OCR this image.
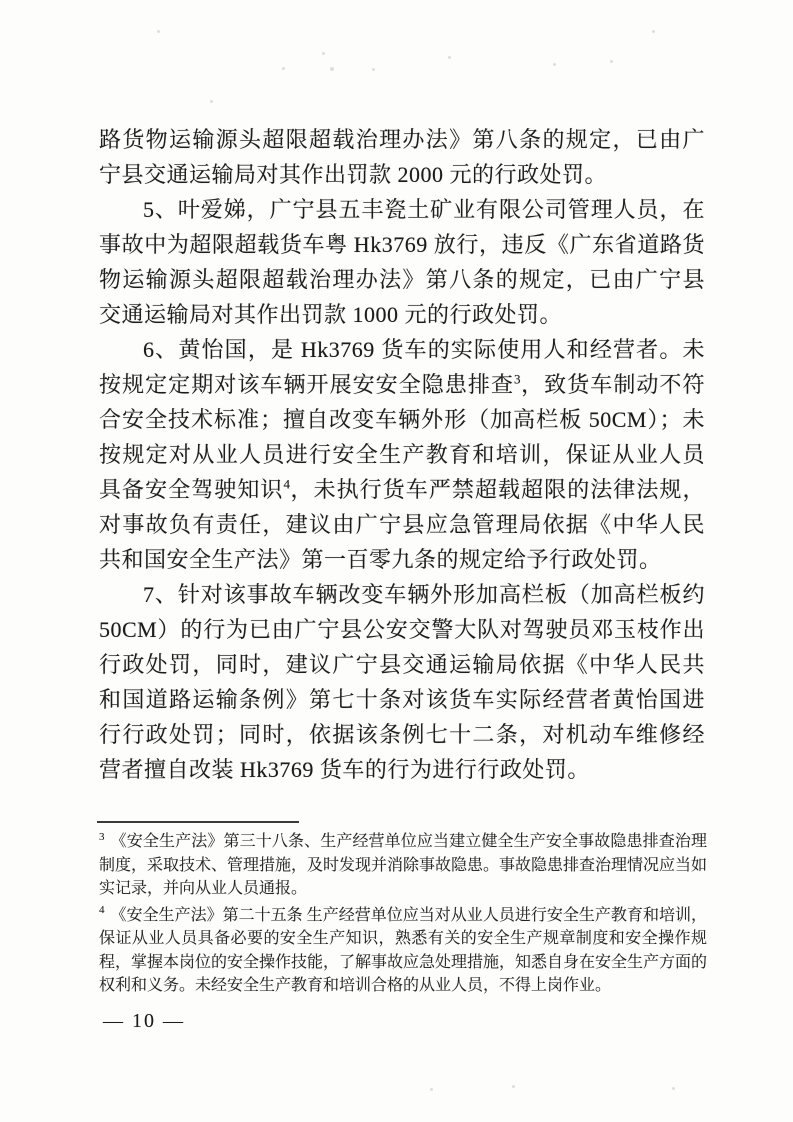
路货物运输源头超限超载治理办法》第八条的规定，已由广宁县交通运输局对其作出罚款 2000 元的行政处罚。

5、叶爱娣，广宁县五丰瓷土矿业有限公司管理人员，在事故中为超限超载货车粤 Hk3769 放行，违反《广东省道路货物运输源头超限超载治理办法》第八条的规定，已由广宁县交通运输局对其作出罚款 1000 元的行政处罚。

6、黄怡国，是 Hk3769 货车的实际使用人和经营者。未按规定定期对该车辆开展安安全隐患排查$^3$，致货车制动不符合安全技术标准；擅自改变车辆外形（加高栏板 50CM）；未按规定对从业人员进行安全生产教育和培训，保证从业人员具备安全驾驶知识$^4$，未执行货车严禁超载超限的法律法规，对事故负有责任，建议由广宁县应急管理局依据《中华人民共和国安全生产法》第一百零九条的规定给予行政处罚。

7、针对该事故车辆改变车辆外形加高栏板（加高栏板约 50CM）的行为已由广宁县公安交警大队对驾驶员邓玉枝作出行政处罚，同时，建议广宁县交通运输局依据《中华人民共和国道路运输条例》第七十条对该货车实际经营者黄怡国进行行政处罚；同时，依据该条例七十二条，对机动车维修经营者擅自改装 Hk3769 货车的行为进行行政处罚。

$^3$ 《安全生产法》第三十八条、生产经营单位应当建立健全生产安全事故隐患排查治理制度，采取技术、管理措施，及时发现并消除事故隐患。事故隐患排查治理情况应当如实记录，并向从业人员通报。
$^4$ 《安全生产法》第二十五条 生产经营单位应当对从业人员进行安全生产教育和培训，保证从业人员具备必要的安全生产知识，熟悉有关的安全生产规章制度和安全操作规程，掌握本岗位的安全操作技能，了解事故应急处理措施，知悉自身在安全生产方面的权利和义务。未经安全生产教育和培训合格的从业人员，不得上岗作业。
— 10 —
